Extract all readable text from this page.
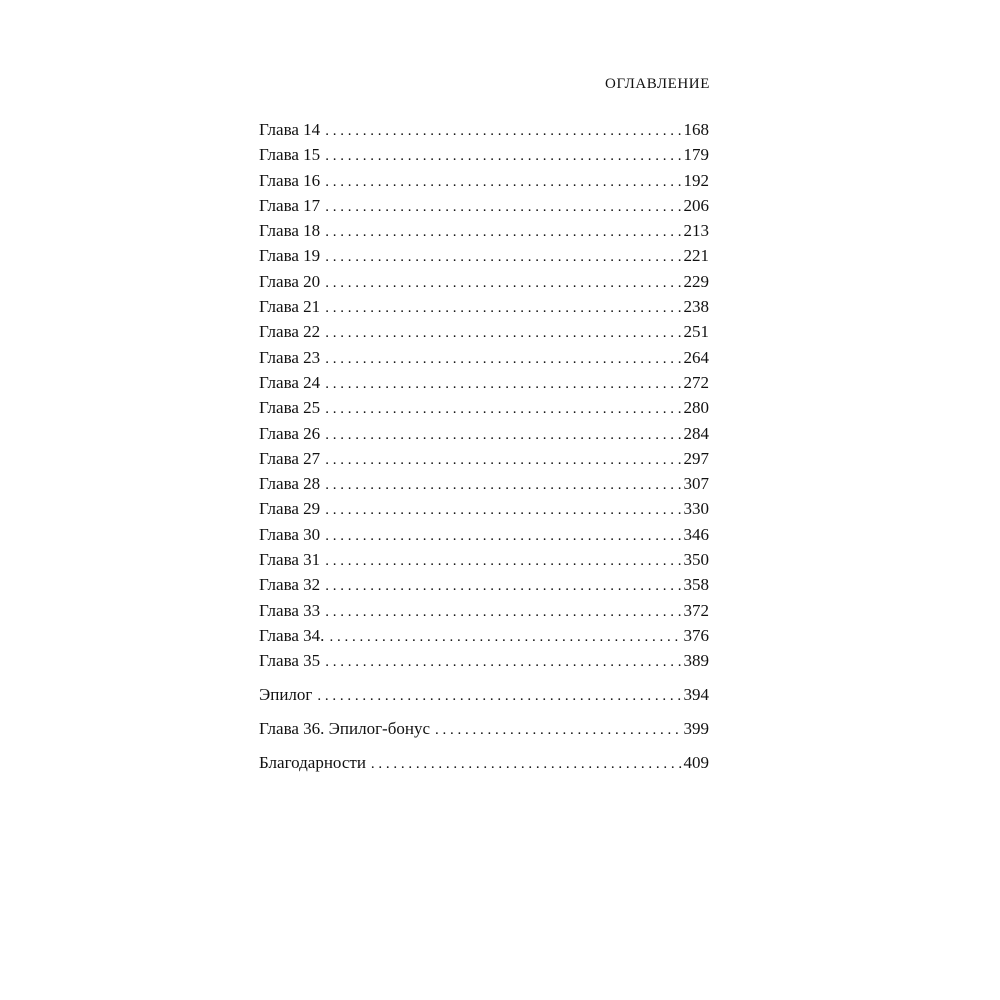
ОГЛАВЛЕНИЕ
Глава 14 . . .	168
Глава 15 . . .	179
Глава 16 . . .	192
Глава 17 . . .	206
Глава 18 . . .	213
Глава 19 . . .	221
Глава 20 . . .	229
Глава 21 . . .	238
Глава 22 . . .	251
Глава 23 . . .	264
Глава 24 . . .	272
Глава 25 . . .	280
Глава 26 . . .	284
Глава 27 . . .	297
Глава 28 . . .	307
Глава 29 . . .	330
Глава 30 . . .	346
Глава 31 . . .	350
Глава 32 . . .	358
Глава 33 . . .	372
Глава 34. . . .	376
Глава 35 . . .	389
Эпилог . . .	394
Глава 36. Эпилог-бонус . . .	399
Благодарности . . .	409
